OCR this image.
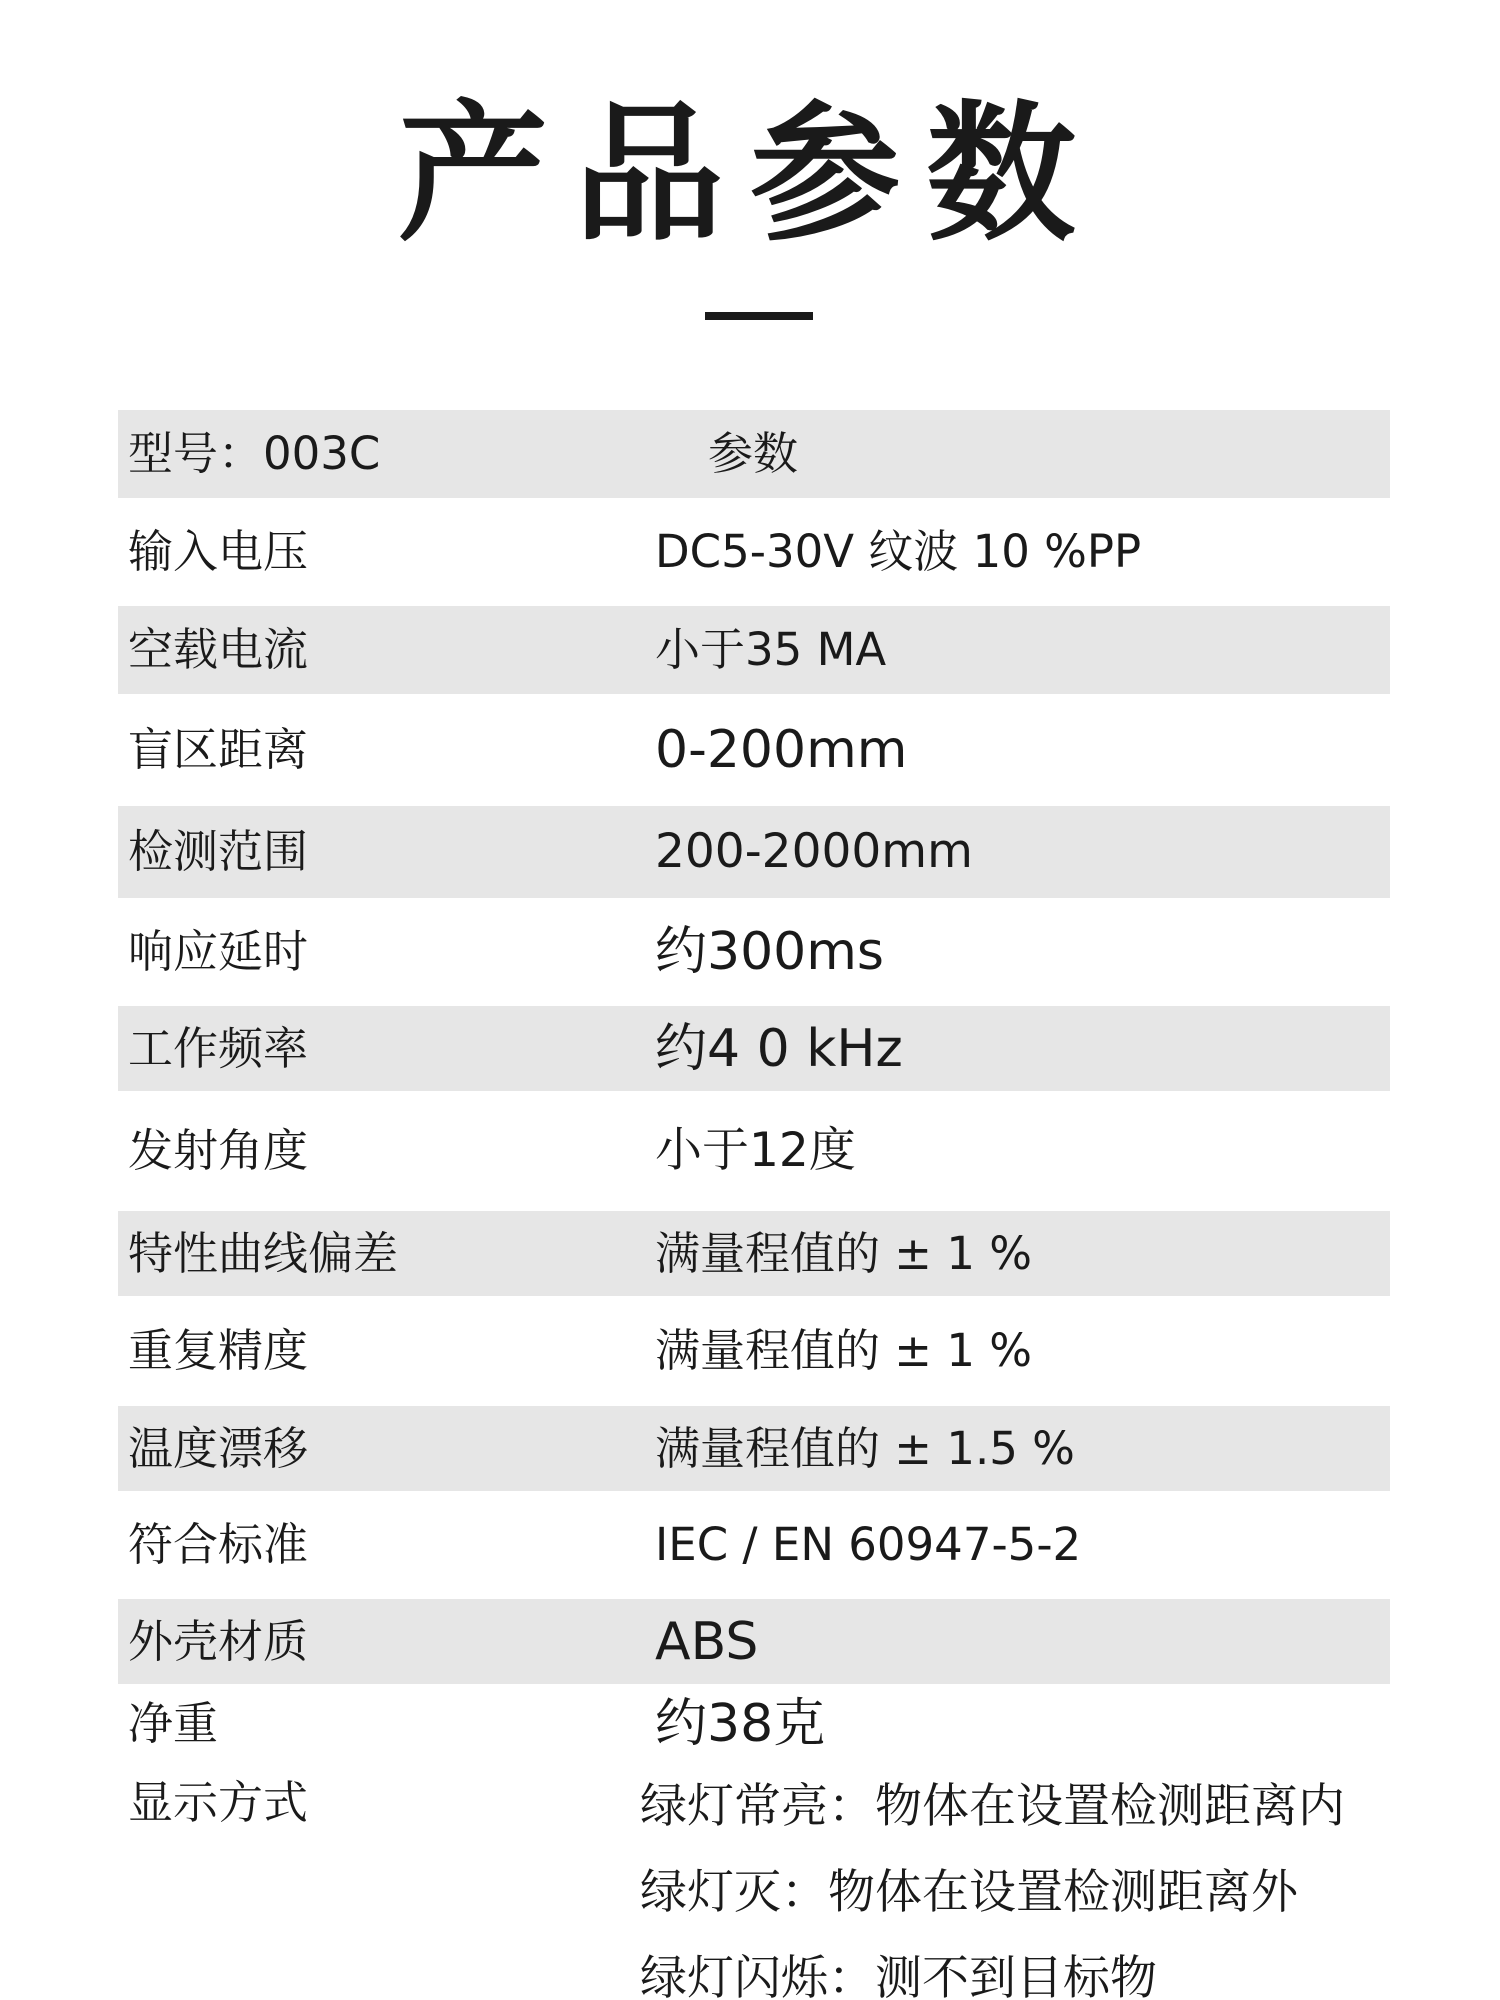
产品参数
型号：003C	参数
输入电压	DC5-30V 纹波 10 %PP
空载电流	小于35 MA
盲区距离	0-200mm
检测范围	200-2000mm
响应延时	约300ms
工作频率	约4 0 kHz
发射角度	小于12度
特性曲线偏差	满量程值的 ± 1 %
重复精度	满量程值的 ± 1 %
温度漂移	满量程值的 ± 1.5 %
符合标准	IEC / EN 60947-5-2
外壳材质	ABS
净重	约38克
显示方式	绿灯常亮：物体在设置检测距离内
绿灯灭：物体在设置检测距离外
绿灯闪烁：测不到目标物
